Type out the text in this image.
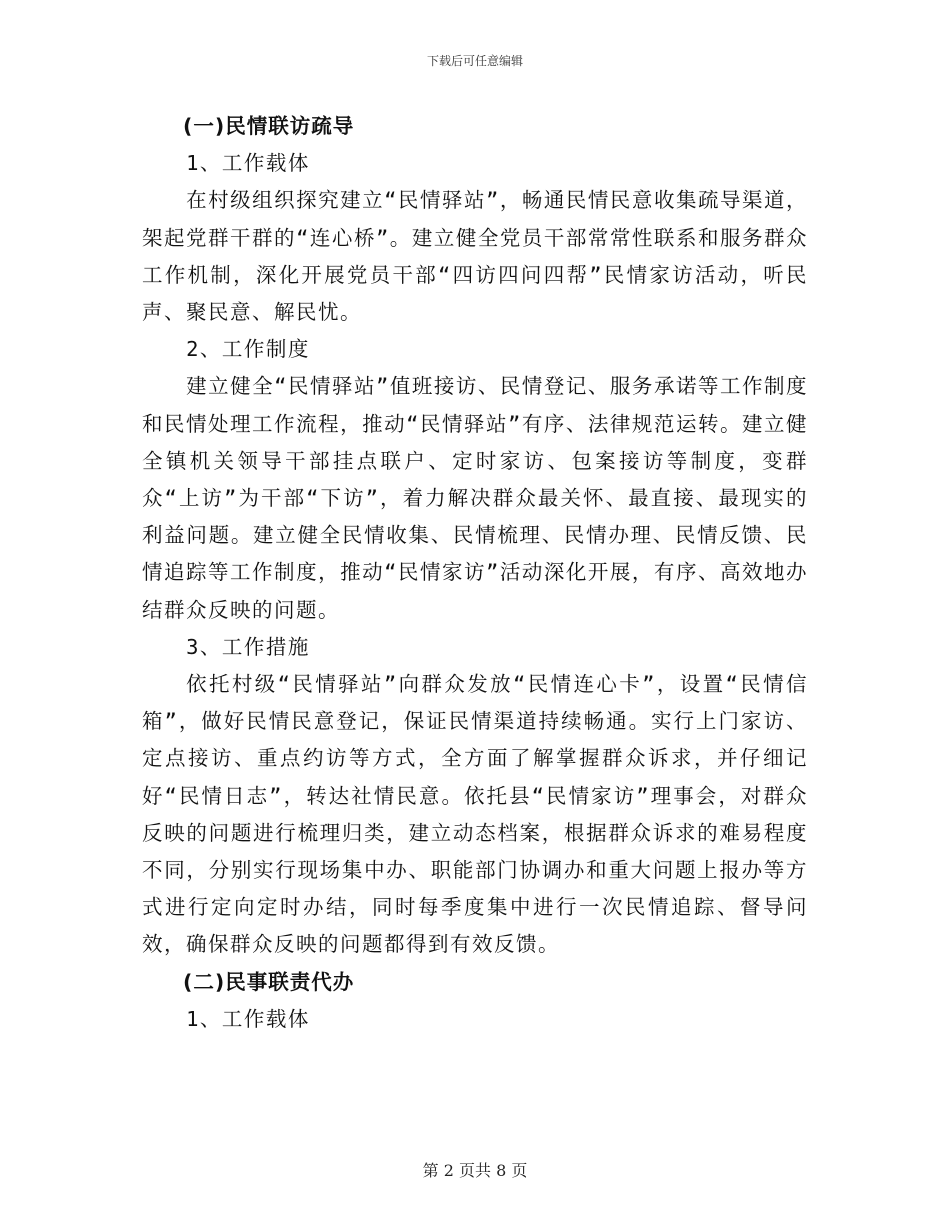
下载后可任意编辑
(一)民情联访疏导
1、工作载体
在村级组织探究建立“民情驿站”，畅通民情民意收集疏导渠道，架起党群干群的“连心桥”。建立健全党员干部常常性联系和服务群众工作机制，深化开展党员干部“四访四问四帮”民情家访活动，听民声、聚民意、解民忧。
2、工作制度
建立健全“民情驿站”值班接访、民情登记、服务承诺等工作制度和民情处理工作流程，推动“民情驿站”有序、法律规范运转。建立健全镇机关领导干部挂点联户、定时家访、包案接访等制度，变群众“上访”为干部“下访”，着力解决群众最关怀、最直接、最现实的利益问题。建立健全民情收集、民情梳理、民情办理、民情反馈、民情追踪等工作制度，推动“民情家访”活动深化开展，有序、高效地办结群众反映的问题。
3、工作措施
依托村级“民情驿站”向群众发放“民情连心卡”，设置“民情信箱”，做好民情民意登记，保证民情渠道持续畅通。实行上门家访、定点接访、重点约访等方式，全方面了解掌握群众诉求，并仔细记好“民情日志”，转达社情民意。依托县“民情家访”理事会，对群众反映的问题进行梳理归类，建立动态档案，根据群众诉求的难易程度不同，分别实行现场集中办、职能部门协调办和重大问题上报办等方式进行定向定时办结，同时每季度集中进行一次民情追踪、督导问效，确保群众反映的问题都得到有效反馈。
(二)民事联责代办
1、工作载体
第 2 页共 8 页
